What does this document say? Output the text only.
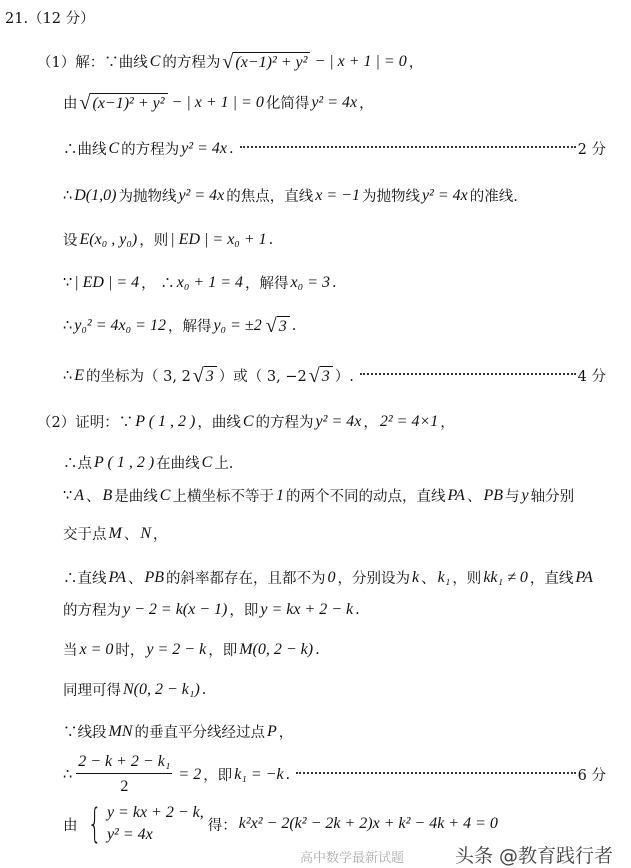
21.（12 分）
（1）解：∵曲线 C 的方程为 √ (x−1)² + y² − | x + 1 | = 0 ，
由 √ (x−1)² + y² − | x + 1 | = 0 化简得 y² = 4x ，
∴曲线 C 的方程为 y² = 4x .	2 分
∴ D(1,0) 为抛物线 y² = 4x 的焦点，直线 x = −1 为抛物线 y² = 4x 的准线.
设 E(x₀ , y₀) ，则 | ED | = x₀ + 1 .
∵ | ED | = 4 ， ∴ x₀ + 1 = 4 ，解得 x₀ = 3 .
∴ y₀² = 4x₀ = 12 ，解得 y₀ = ±2 √ 3 .
∴ E 的坐标为（ 3, 2 √ 3 ）或（ 3, −2 √ 3 ）.	4 分
（2）证明：∵ P ( 1 , 2 ) ，曲线 C 的方程为 y² = 4x ， 2² = 4×1 ，
∴点 P ( 1 , 2 ) 在曲线 C 上.
∵ A 、 B 是曲线 C 上横坐标不等于 1 的两个不同的动点，直线 PA 、 PB 与 y 轴分别
交于点 M 、 N ，
∴直线 PA 、 PB 的斜率都存在，且都不为 0 ，分别设为 k 、 k₁ ，则 kk₁ ≠ 0 ，直线 PA
的方程为 y − 2 = k(x − 1) ，即 y = kx + 2 − k .
当 x = 0 时， y = 2 − k ，即 M(0, 2 − k) .
同理可得 N(0, 2 − k₁) .
∵线段 MN 的垂直平分线经过点 P ，
∴ $\frac{\text{2 − k + 2 − k₁}}{2} = 2$ ，即 k₁ = −k .	6 分
由 { y = kx + 2 − k,
y² = 4x
得： k²x² − 2(k² − 2k + 2)x + k² − 4k + 4 = 0
高中数学最新试题	头条 @教育践行者
